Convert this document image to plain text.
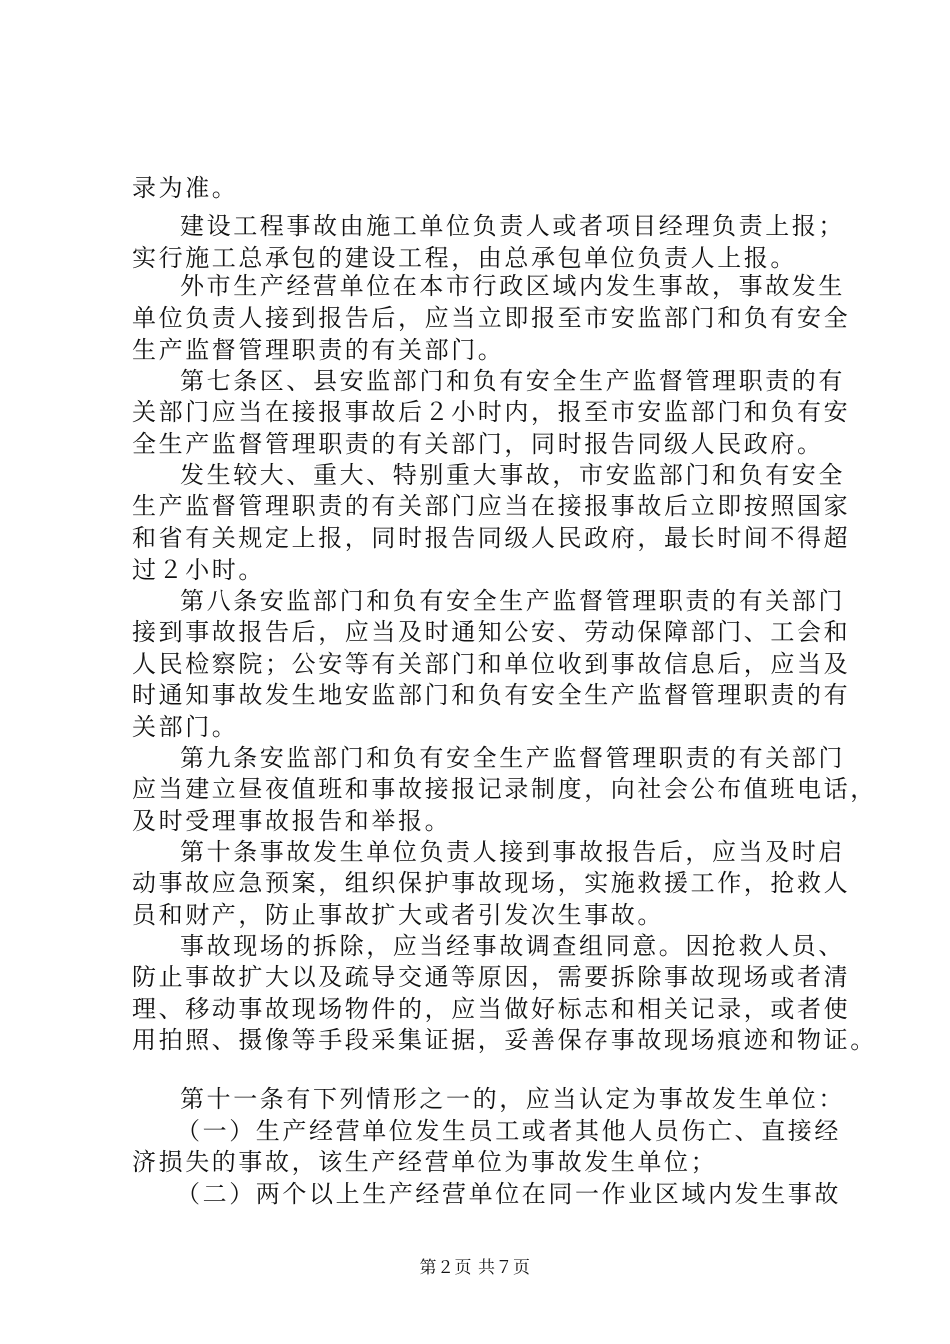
录为准。
建设工程事故由施工单位负责人或者项目经理负责上报；
实行施工总承包的建设工程，由总承包单位负责人上报。
外市生产经营单位在本市行政区域内发生事故，事故发生
单位负责人接到报告后，应当立即报至市安监部门和负有安全
生产监督管理职责的有关部门。
第七条区、县安监部门和负有安全生产监督管理职责的有
关部门应当在接报事故后２小时内，报至市安监部门和负有安
全生产监督管理职责的有关部门，同时报告同级人民政府。
发生较大、重大、特别重大事故，市安监部门和负有安全
生产监督管理职责的有关部门应当在接报事故后立即按照国家
和省有关规定上报，同时报告同级人民政府，最长时间不得超
过２小时。
第八条安监部门和负有安全生产监督管理职责的有关部门
接到事故报告后，应当及时通知公安、劳动保障部门、工会和
人民检察院；公安等有关部门和单位收到事故信息后，应当及
时通知事故发生地安监部门和负有安全生产监督管理职责的有
关部门。
第九条安监部门和负有安全生产监督管理职责的有关部门
应当建立昼夜值班和事故接报记录制度，向社会公布值班电话，
及时受理事故报告和举报。
第十条事故发生单位负责人接到事故报告后，应当及时启
动事故应急预案，组织保护事故现场，实施救援工作，抢救人
员和财产，防止事故扩大或者引发次生事故。
事故现场的拆除，应当经事故调查组同意。因抢救人员、
防止事故扩大以及疏导交通等原因，需要拆除事故现场或者清
理、移动事故现场物件的，应当做好标志和相关记录，或者使
用拍照、摄像等手段采集证据，妥善保存事故现场痕迹和物证。
第十一条有下列情形之一的，应当认定为事故发生单位：
（一）生产经营单位发生员工或者其他人员伤亡、直接经
济损失的事故，该生产经营单位为事故发生单位；
（二）两个以上生产经营单位在同一作业区域内发生事故
第２页 共７页
